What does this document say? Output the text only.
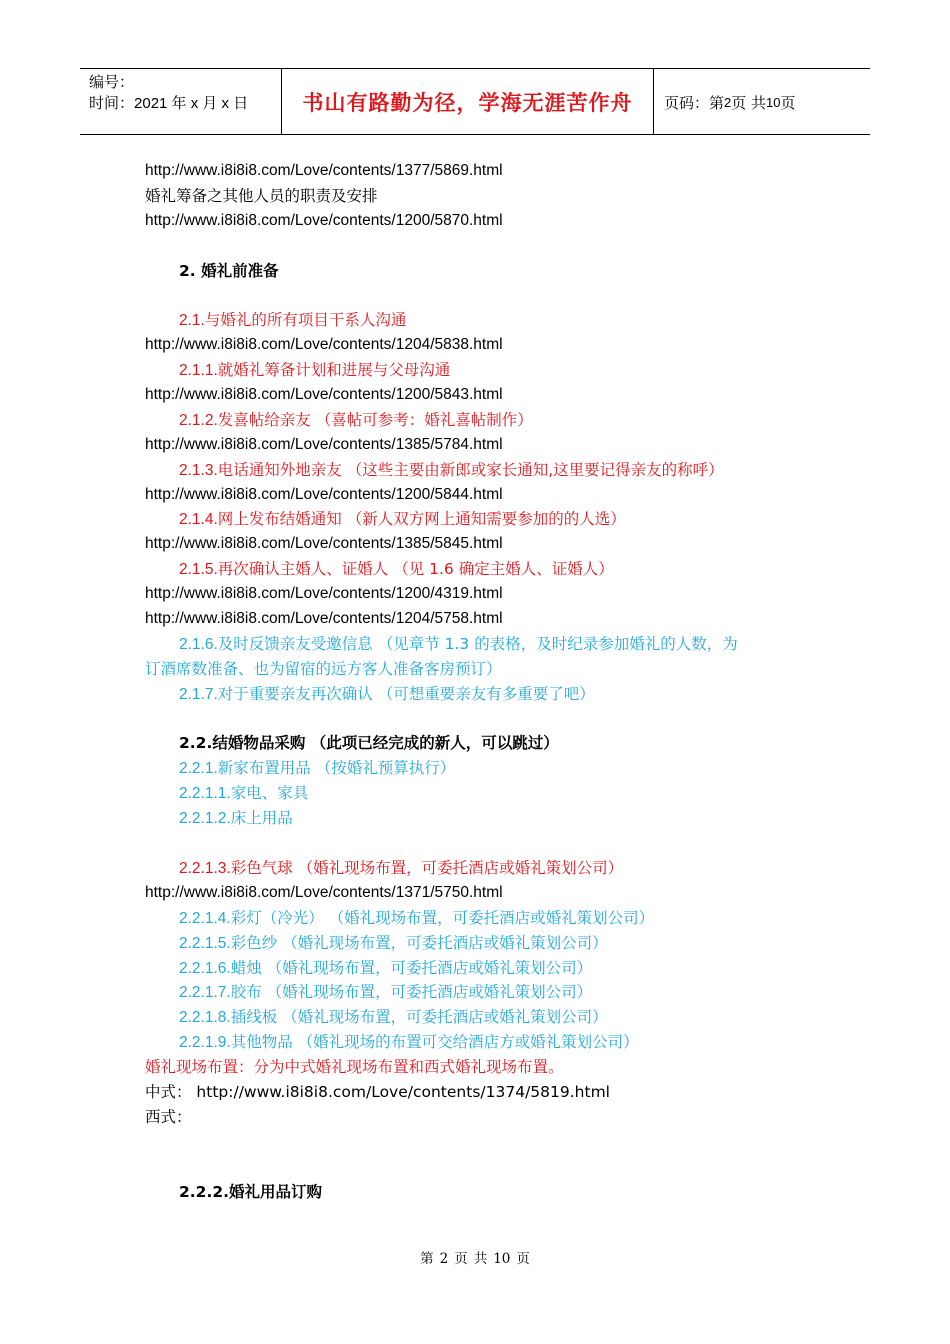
编号：
时间：2021 年 x 月 x 日	书山有路勤为径，学海无涯苦作舟	页码：第 2 页 共 10 页
http://www.i8i8i8.com/Love/contents/1377/5869.html
婚礼筹备之其他人员的职责及安排
http://www.i8i8i8.com/Love/contents/1200/5870.html
2. 婚礼前准备
2.1.与婚礼的所有项目干系人沟通
http://www.i8i8i8.com/Love/contents/1204/5838.html
2.1.1.就婚礼筹备计划和进展与父母沟通
http://www.i8i8i8.com/Love/contents/1200/5843.html
2.1.2.发喜帖给亲友 （喜帖可参考：婚礼喜帖制作）
http://www.i8i8i8.com/Love/contents/1385/5784.html
2.1.3.电话通知外地亲友 （这些主要由新郎或家长通知,这里要记得亲友的称呼）
http://www.i8i8i8.com/Love/contents/1200/5844.html
2.1.4.网上发布结婚通知 （新人双方网上通知需要参加的的人选）
http://www.i8i8i8.com/Love/contents/1385/5845.html
2.1.5.再次确认主婚人、证婚人 （见 1.6 确定主婚人、证婚人）
http://www.i8i8i8.com/Love/contents/1200/4319.html
http://www.i8i8i8.com/Love/contents/1204/5758.html
2.1.6.及时反馈亲友受邀信息 （见章节 1.3 的表格，及时纪录参加婚礼的人数，为
订酒席数准备、也为留宿的远方客人准备客房预订）
2.1.7.对于重要亲友再次确认 （可想重要亲友有多重要了吧）
2.2.结婚物品采购 （此项已经完成的新人，可以跳过）
2.2.1.新家布置用品 （按婚礼预算执行）
2.2.1.1.家电、家具
2.2.1.2.床上用品
2.2.1.3.彩色气球 （婚礼现场布置，可委托酒店或婚礼策划公司）
http://www.i8i8i8.com/Love/contents/1371/5750.html
2.2.1.4.彩灯（冷光） （婚礼现场布置，可委托酒店或婚礼策划公司）
2.2.1.5.彩色纱 （婚礼现场布置，可委托酒店或婚礼策划公司）
2.2.1.6.蜡烛 （婚礼现场布置，可委托酒店或婚礼策划公司）
2.2.1.7.胶布 （婚礼现场布置，可委托酒店或婚礼策划公司）
2.2.1.8.插线板 （婚礼现场布置，可委托酒店或婚礼策划公司）
2.2.1.9.其他物品 （婚礼现场的布置可交给酒店方或婚礼策划公司）
婚礼现场布置：分为中式婚礼现场布置和西式婚礼现场布置。
中式： http://www.i8i8i8.com/Love/contents/1374/5819.html
西式：
2.2.2.婚礼用品订购
第 2 页 共 10 页
